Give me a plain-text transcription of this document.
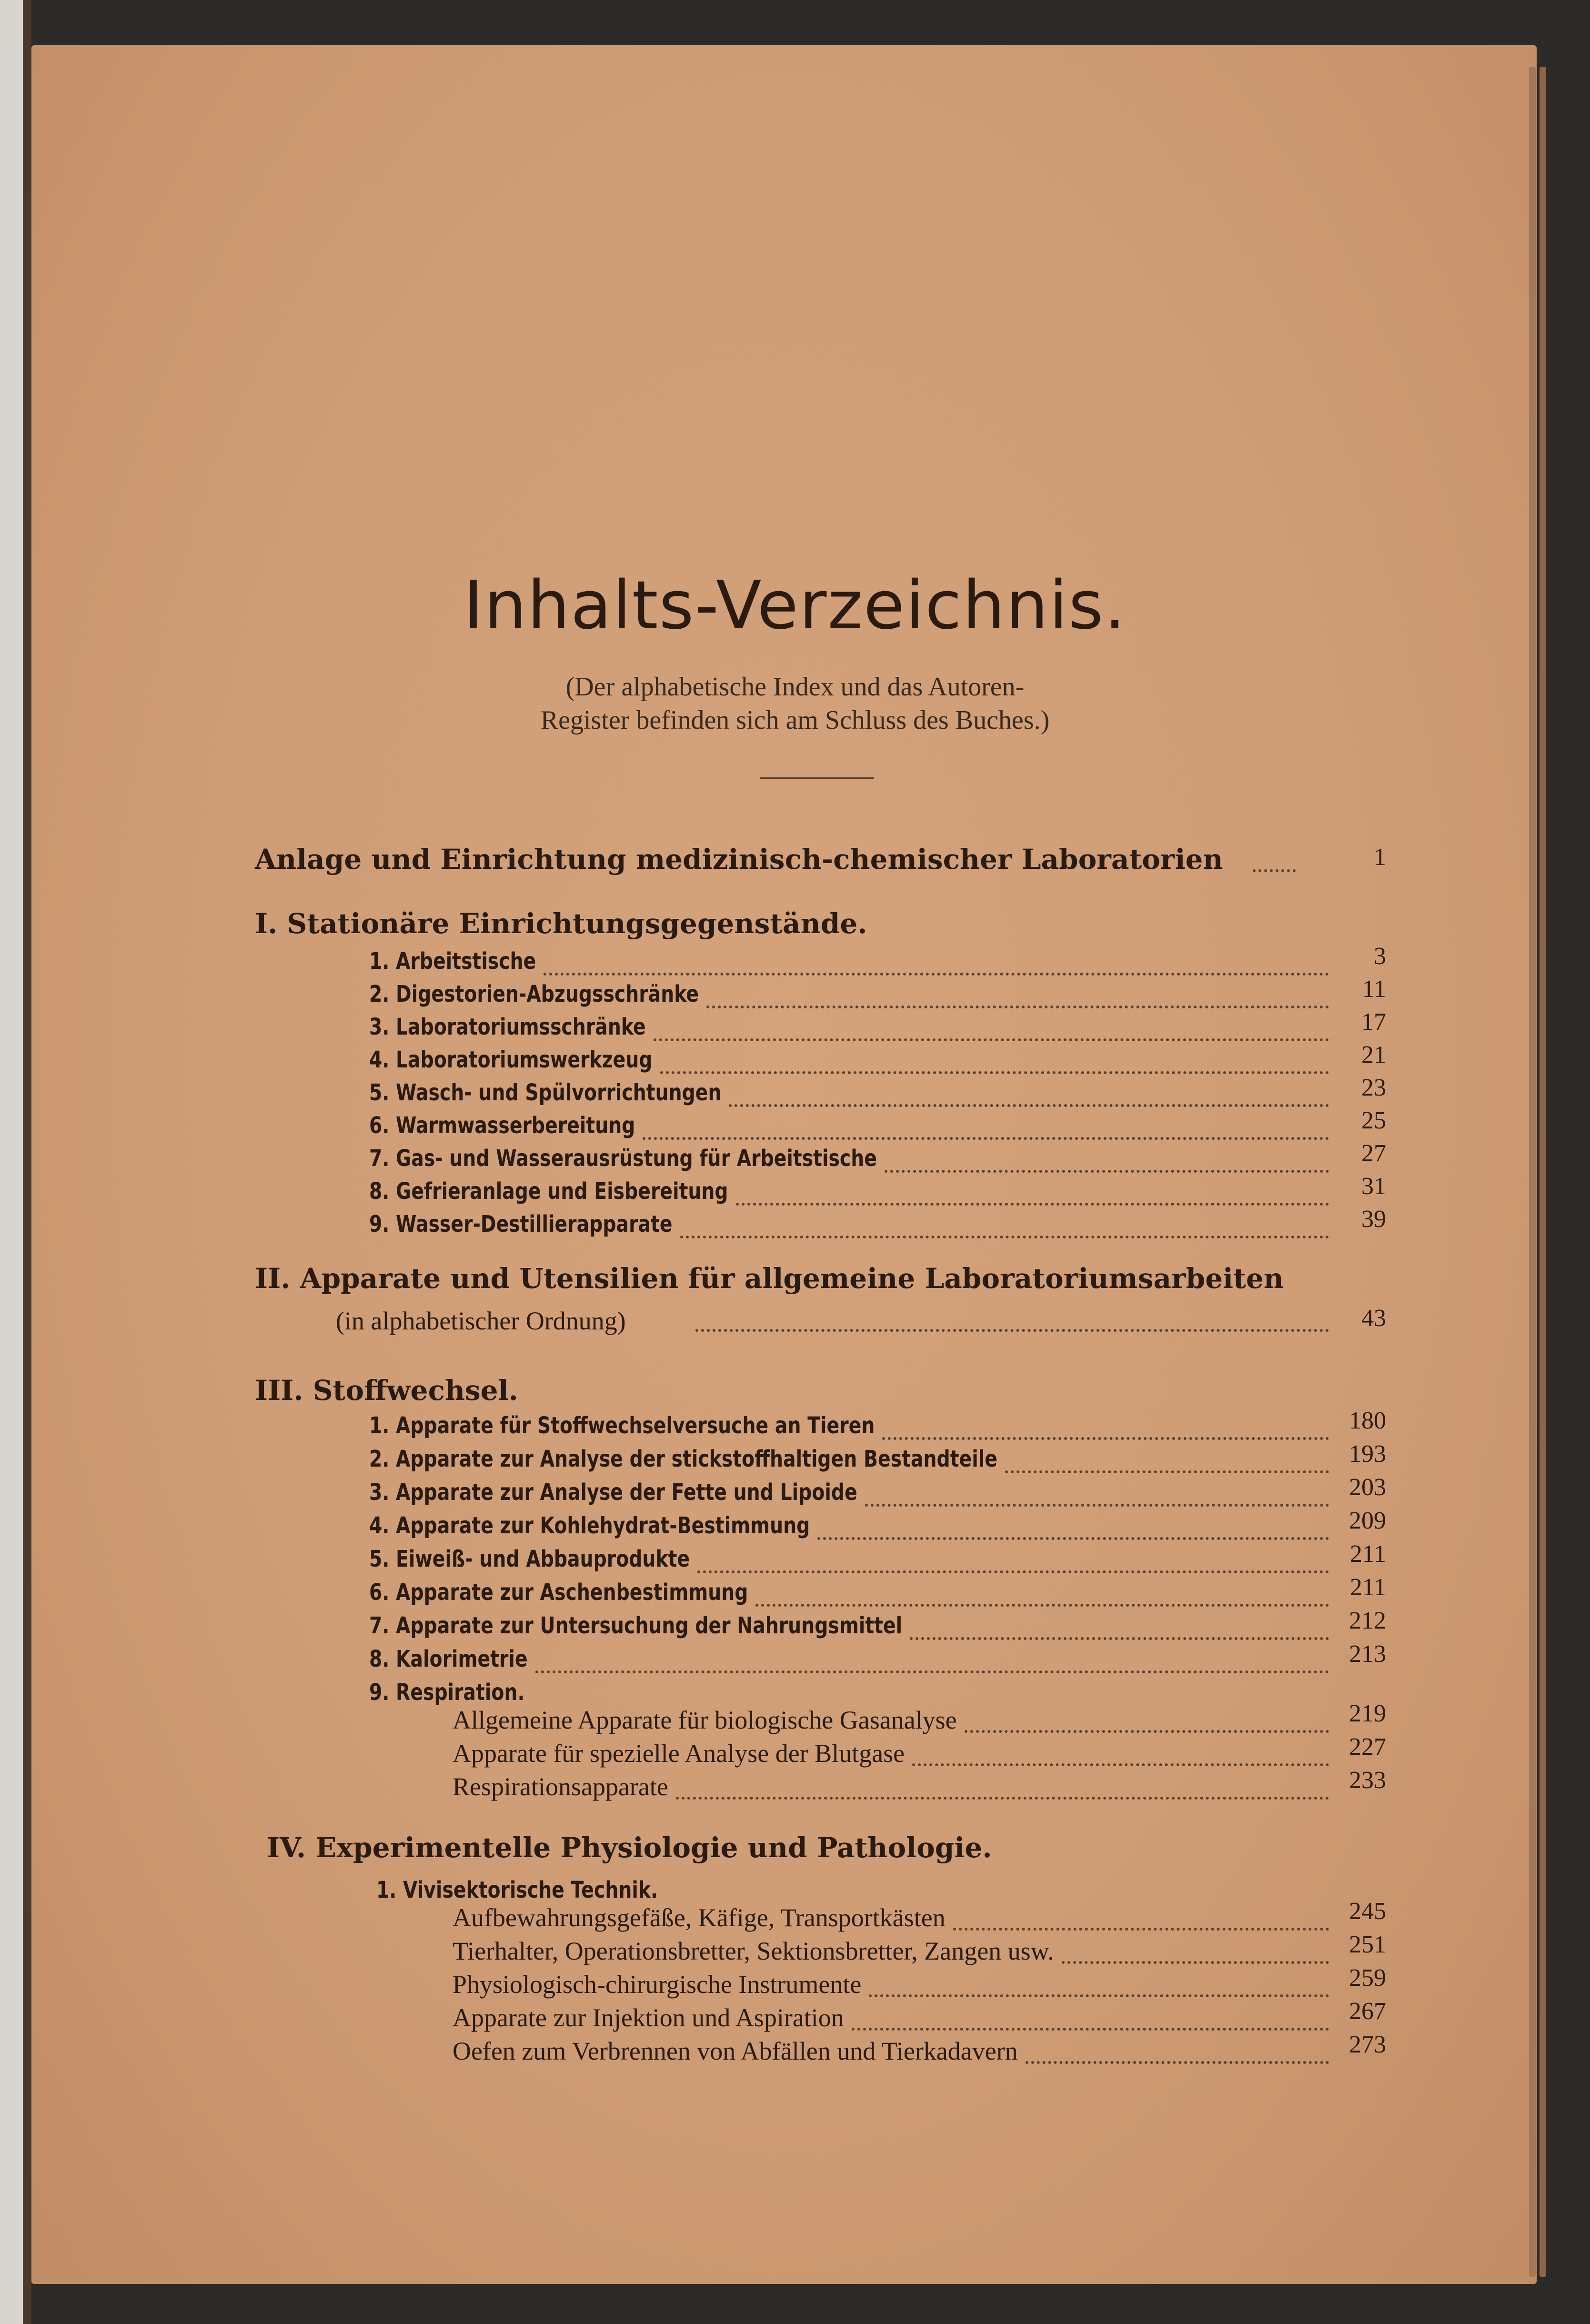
Inhalts-Verzeichnis.
(Der alphabetische Index und das Autoren-
Register befinden sich am Schluss des Buches.)
Anlage und Einrichtung medizinisch-chemischer Laboratorien	1
I. Stationäre Einrichtungsgegenstände.
1. Arbeitstische	3
2. Digestorien-Abzugsschränke	11
3. Laboratoriumsschränke	17
4. Laboratoriumswerkzeug	21
5. Wasch- und Spülvorrichtungen	23
6. Warmwasserbereitung	25
7. Gas- und Wasserausrüstung für Arbeitstische	27
8. Gefrieranlage und Eisbereitung	31
9. Wasser-Destillierapparate	39
II. Apparate und Utensilien für allgemeine Laboratoriumsarbeiten
(in alphabetischer Ordnung)	43
III. Stoffwechsel.
1. Apparate für Stoffwechselversuche an Tieren	180
2. Apparate zur Analyse der stickstoffhaltigen Bestandteile	193
3. Apparate zur Analyse der Fette und Lipoide	203
4. Apparate zur Kohlehydrat-Bestimmung	209
5. Eiweiß- und Abbauprodukte	211
6. Apparate zur Aschenbestimmung	211
7. Apparate zur Untersuchung der Nahrungsmittel	212
8. Kalorimetrie	213
9. Respiration.
Allgemeine Apparate für biologische Gasanalyse	219
Apparate für spezielle Analyse der Blutgase	227
Respirationsapparate	233
IV. Experimentelle Physiologie und Pathologie.
1. Vivisektorische Technik.
Aufbewahrungsgefäße, Käfige, Transportkästen	245
Tierhalter, Operationsbretter, Sektionsbretter, Zangen usw.	251
Physiologisch-chirurgische Instrumente	259
Apparate zur Injektion und Aspiration	267
Oefen zum Verbrennen von Abfällen und Tierkadavern	273
